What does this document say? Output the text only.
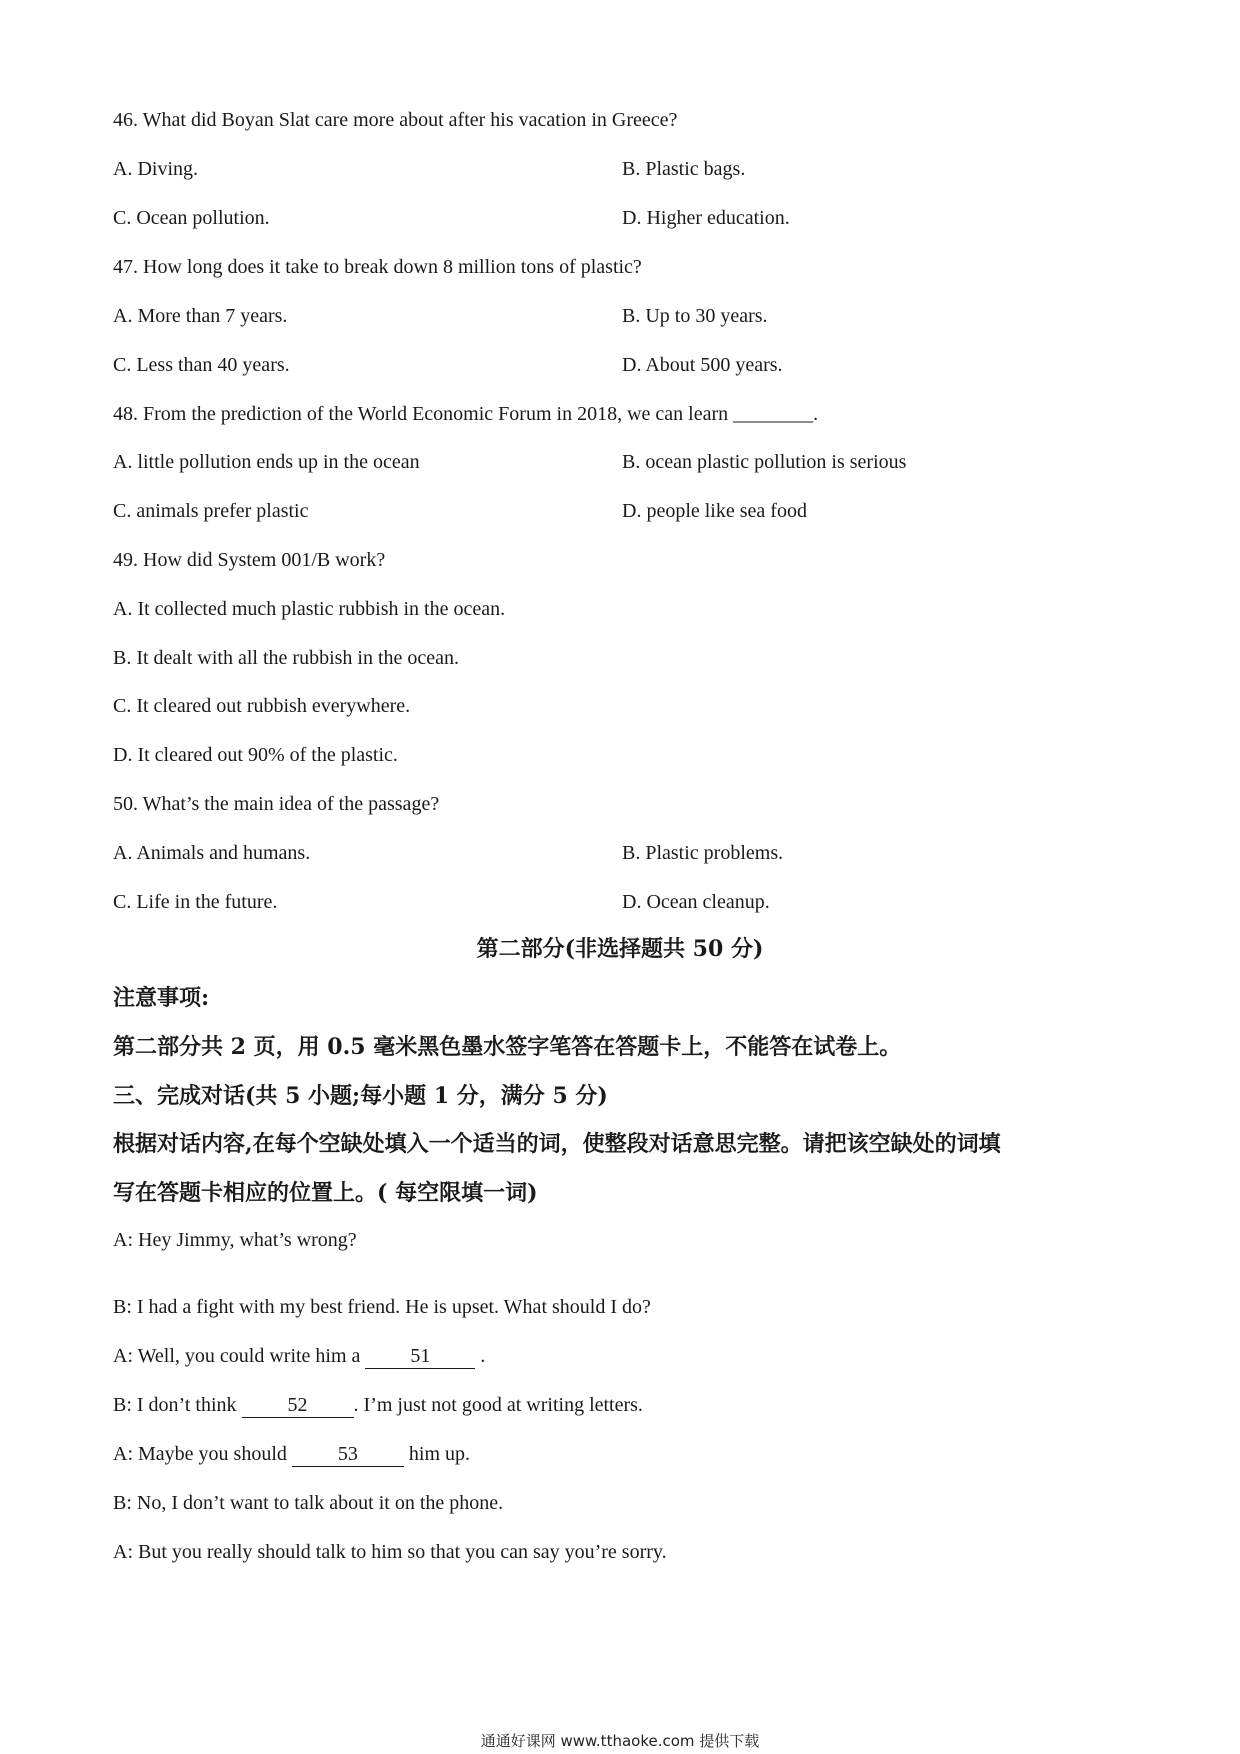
46. What did Boyan Slat care more about after his vacation in Greece?
A. Diving.	B. Plastic bags.
C. Ocean pollution.	D. Higher education.
47. How long does it take to break down 8 million tons of plastic?
A. More than 7 years.	B. Up to 30 years.
C. Less than 40 years.	D. About 500 years.
48. From the prediction of the World Economic Forum in 2018, we can learn ________.
A. little pollution ends up in the ocean	B. ocean plastic pollution is serious
C. animals prefer plastic	D. people like sea food
49. How did System 001/B work?
A. It collected much plastic rubbish in the ocean.
B. It dealt with all the rubbish in the ocean.
C. It cleared out rubbish everywhere.
D. It cleared out 90% of the plastic.
50. What’s the main idea of the passage?
A. Animals and humans.	B. Plastic problems.
C. Life in the future.	D. Ocean cleanup.
第二部分(非选择题共 50 分)
注意事项:
第二部分共 2 页，用 0.5 毫米黑色墨水签字笔答在答题卡上，不能答在试卷上。
三、完成对话(共 5 小题;每小题 1 分，满分 5 分)
根据对话内容,在每个空缺处填入一个适当的词，使整段对话意思完整。请把该空缺处的词填
写在答题卡相应的位置上。( 每空限填一词)
A: Hey Jimmy, what’s wrong?
B: I had a fight with my best friend. He is upset. What should I do?
A: Well, you could write him a 51 .
B: I don’t think 52 . I’m just not good at writing letters.
A: Maybe you should 53 him up.
B: No, I don’t want to talk about it on the phone.
A: But you really should talk to him so that you can say you’re sorry.
通通好课网 www.tthaoke.com 提供下载
